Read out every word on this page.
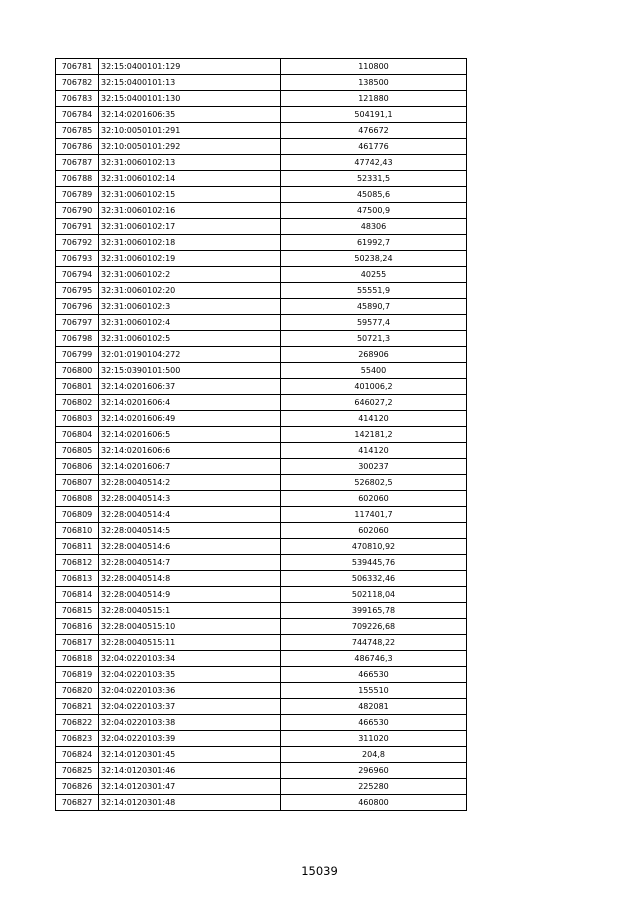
706781	32:15:0400101:129	110800
706782	32:15:0400101:13	138500
706783	32:15:0400101:130	121880
706784	32:14:0201606:35	504191,1
706785	32:10:0050101:291	476672
706786	32:10:0050101:292	461776
706787	32:31:0060102:13	47742,43
706788	32:31:0060102:14	52331,5
706789	32:31:0060102:15	45085,6
706790	32:31:0060102:16	47500,9
706791	32:31:0060102:17	48306
706792	32:31:0060102:18	61992,7
706793	32:31:0060102:19	50238,24
706794	32:31:0060102:2	40255
706795	32:31:0060102:20	55551,9
706796	32:31:0060102:3	45890,7
706797	32:31:0060102:4	59577,4
706798	32:31:0060102:5	50721,3
706799	32:01:0190104:272	268906
706800	32:15:0390101:500	55400
706801	32:14:0201606:37	401006,2
706802	32:14:0201606:4	646027,2
706803	32:14:0201606:49	414120
706804	32:14:0201606:5	142181,2
706805	32:14:0201606:6	414120
706806	32:14:0201606:7	300237
706807	32:28:0040514:2	526802,5
706808	32:28:0040514:3	602060
706809	32:28:0040514:4	117401,7
706810	32:28:0040514:5	602060
706811	32:28:0040514:6	470810,92
706812	32:28:0040514:7	539445,76
706813	32:28:0040514:8	506332,46
706814	32:28:0040514:9	502118,04
706815	32:28:0040515:1	399165,78
706816	32:28:0040515:10	709226,68
706817	32:28:0040515:11	744748,22
706818	32:04:0220103:34	486746,3
706819	32:04:0220103:35	466530
706820	32:04:0220103:36	155510
706821	32:04:0220103:37	482081
706822	32:04:0220103:38	466530
706823	32:04:0220103:39	311020
706824	32:14:0120301:45	204,8
706825	32:14:0120301:46	296960
706826	32:14:0120301:47	225280
706827	32:14:0120301:48	460800
15039
